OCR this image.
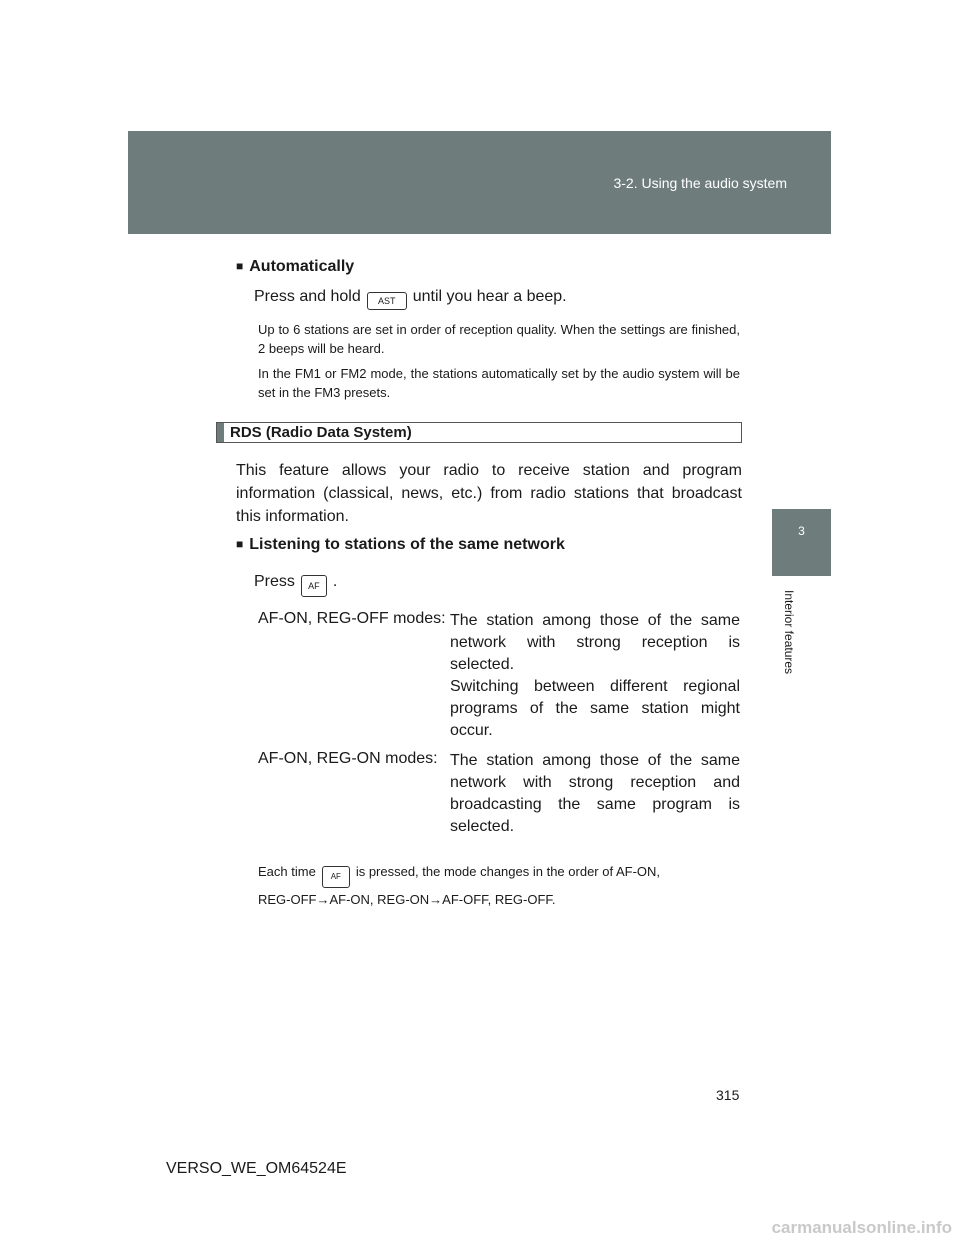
3-2. Using the audio system
3
Interior features
■ Automatically
Press and hold AST until you hear a beep.
Up to 6 stations are set in order of reception quality. When the settings are finished, 2 beeps will be heard.
In the FM1 or FM2 mode, the stations automatically set by the audio system will be set in the FM3 presets.
RDS (Radio Data System)
This feature allows your radio to receive station and program information (classical, news, etc.) from radio stations that broadcast this information.
■ Listening to stations of the same network
Press AF .
AF-ON, REG-OFF modes: The station among those of the same network with strong reception is selected.

Switching between different regional programs of the same station might occur.

AF-ON, REG-ON modes: The station among those of the same network with strong reception and broadcasting the same program is selected.

Each time AF is pressed, the mode changes in the order of AF-ON,
REG-OFF→AF-ON, REG-ON→AF-OFF, REG-OFF.
315
VERSO_WE_OM64524E
carmanualsonline.info
